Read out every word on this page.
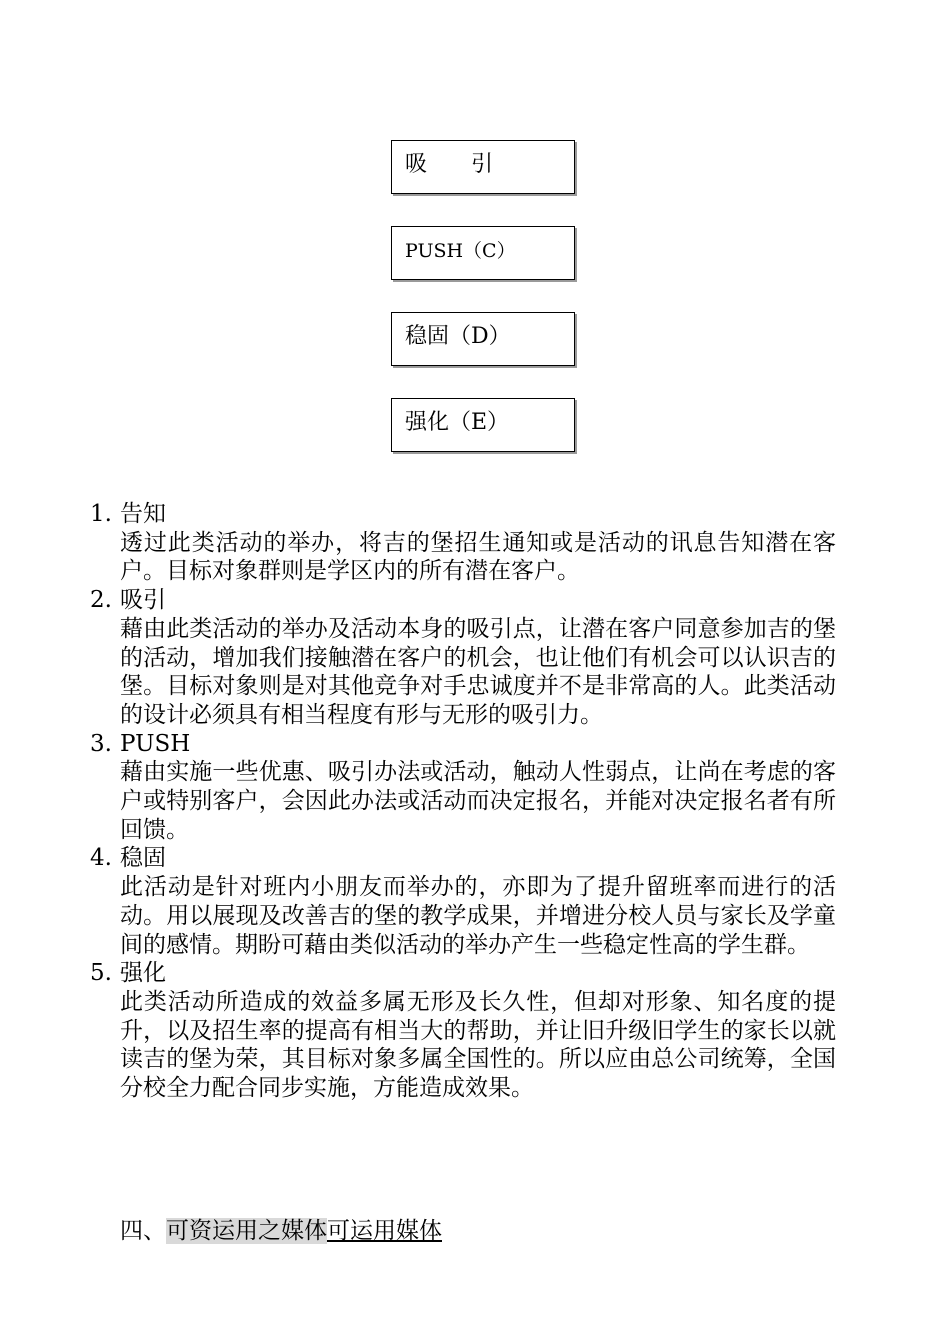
吸　　引
PUSH（C）
稳固（D）
强化（E）
1. 告知
透过此类活动的举办，将吉的堡招生通知或是活动的讯息告知潜在客户。目标对象群则是学区内的所有潜在客户。
2. 吸引
藉由此类活动的举办及活动本身的吸引点，让潜在客户同意参加吉的堡的活动，增加我们接触潜在客户的机会，也让他们有机会可以认识吉的堡。目标对象则是对其他竞争对手忠诚度并不是非常高的人。此类活动的设计必须具有相当程度有形与无形的吸引力。
3. PUSH
藉由实施一些优惠、吸引办法或活动，触动人性弱点，让尚在考虑的客户或特别客户，会因此办法或活动而决定报名，并能对决定报名者有所回馈。
4. 稳固
此活动是针对班内小朋友而举办的，亦即为了提升留班率而进行的活动。用以展现及改善吉的堡的教学成果，并增进分校人员与家长及学童间的感情。期盼可藉由类似活动的举办产生一些稳定性高的学生群。
5. 强化
此类活动所造成的效益多属无形及长久性，但却对形象、知名度的提升，以及招生率的提高有相当大的帮助，并让旧升级旧学生的家长以就读吉的堡为荣，其目标对象多属全国性的。所以应由总公司统筹，全国分校全力配合同步实施，方能造成效果。
四、可资运用之媒体可运用媒体
